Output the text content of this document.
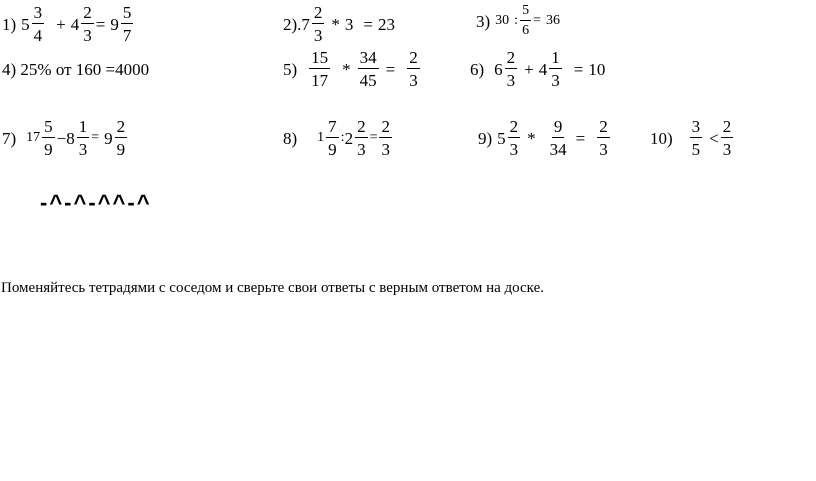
1) $5 \frac{3}{4} + 4 \frac{2}{3} = 9 \frac{5}{7}$	2). $7 \frac{2}{3} * 3 = 23$	3) 30 : $\frac{5}{6} = 36$
4) 25% от 160 =4000	$5) \frac{15}{17} * \frac{34}{45} = \frac{2}{3}$	6) $6 \frac{2}{3} + 4 \frac{1}{3} = 10$
7) $17 \frac{5}{9} - 8 \frac{1}{3} = 9 \frac{2}{9}$	8) $1 \frac{7}{9}$ : $2 \frac{2}{3} = \frac{2}{3}$	9) $5 \frac{2}{3} * \frac{9}{34} = \frac{2}{3} 10) \frac{3}{5} < \frac{2}{3}$
-^-^-^^-^
Поменяйтесь тетрадями с соседом и сверьте свои ответы с верным ответом на доске.
